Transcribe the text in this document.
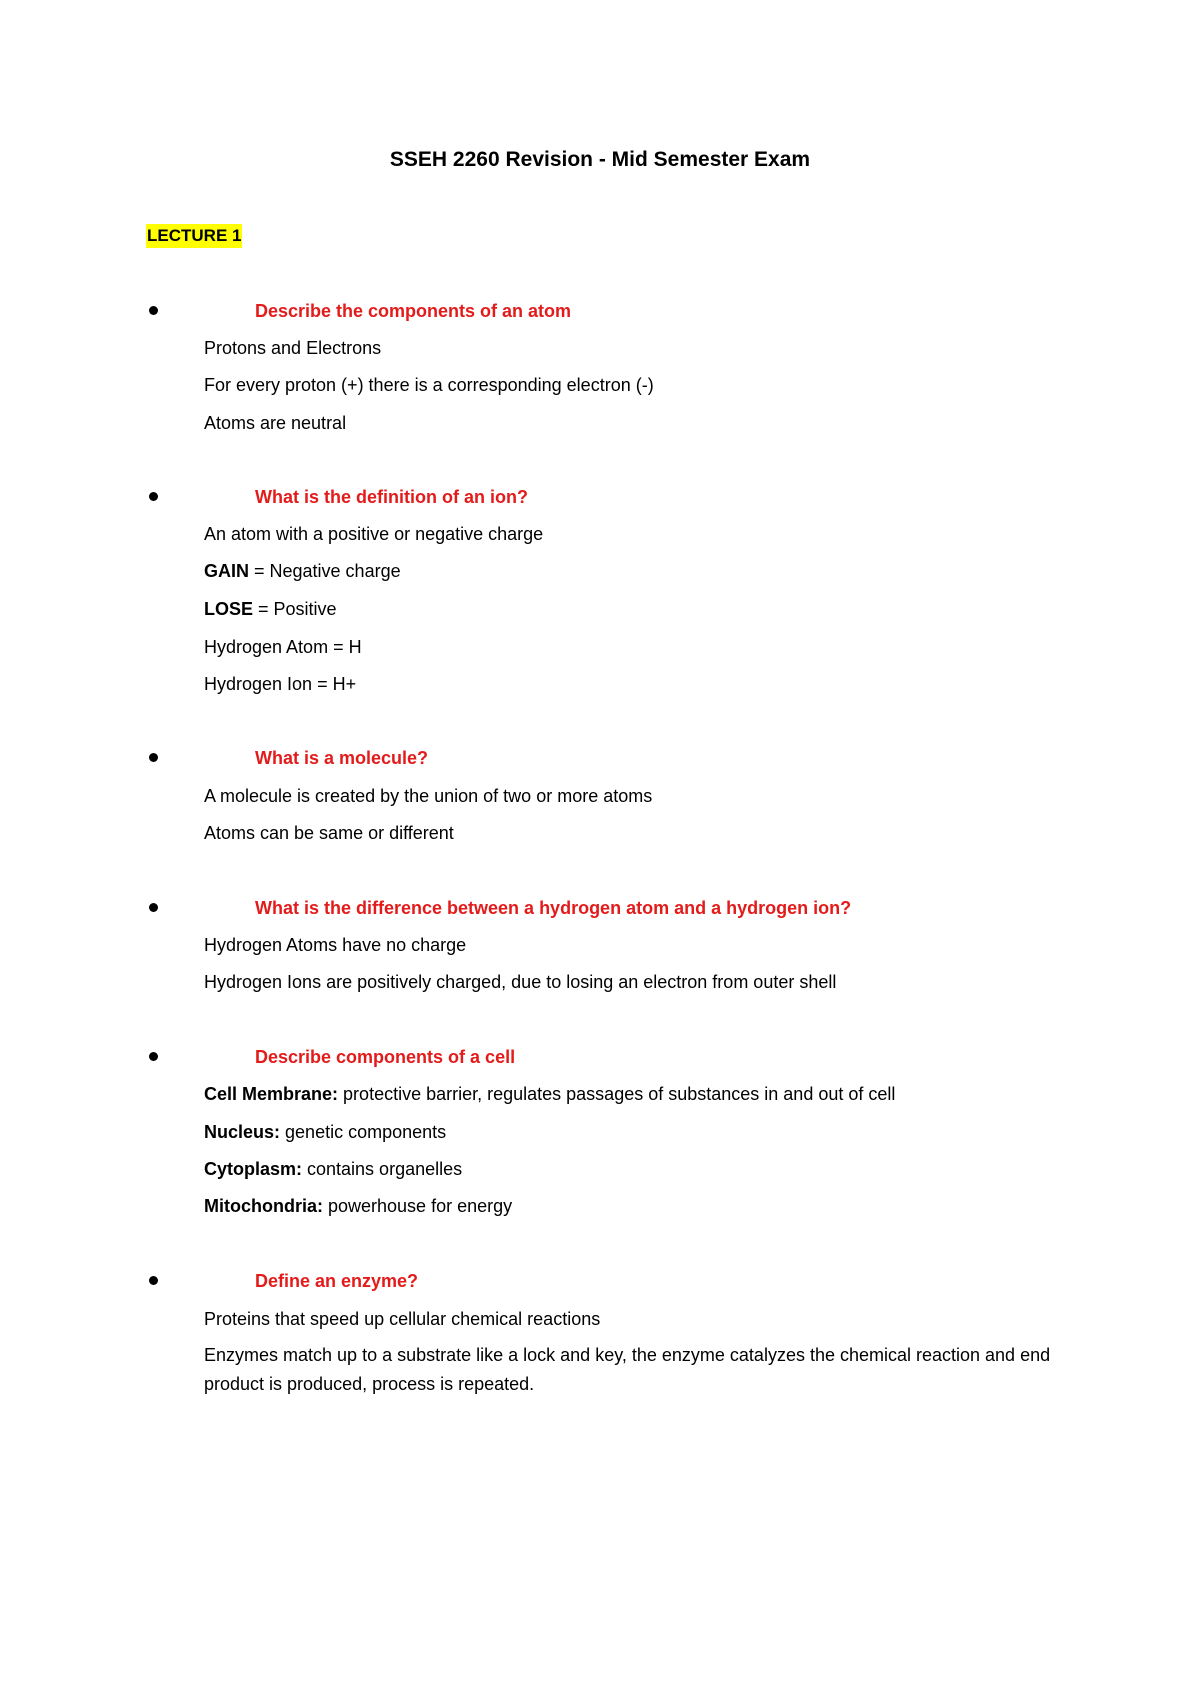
SSEH 2260 Revision - Mid Semester Exam
LECTURE 1
Describe the components of an atom
Protons and Electrons
For every proton (+) there is a corresponding electron (-)
Atoms are neutral
What is the definition of an ion?
An atom with a positive or negative charge
GAIN = Negative charge
LOSE = Positive
Hydrogen Atom = H
Hydrogen Ion = H+
What is a molecule?
A molecule is created by the union of two or more atoms
Atoms can be same or different
What is the difference between a hydrogen atom and a hydrogen ion?
Hydrogen Atoms have no charge
Hydrogen Ions are positively charged, due to losing an electron from outer shell
Describe components of a cell
Cell Membrane: protective barrier, regulates passages of substances in and out of cell
Nucleus: genetic components
Cytoplasm: contains organelles
Mitochondria: powerhouse for energy
Define an enzyme?
Proteins that speed up cellular chemical reactions
Enzymes match up to a substrate like a lock and key, the enzyme catalyzes the chemical reaction and end product is produced, process is repeated.
